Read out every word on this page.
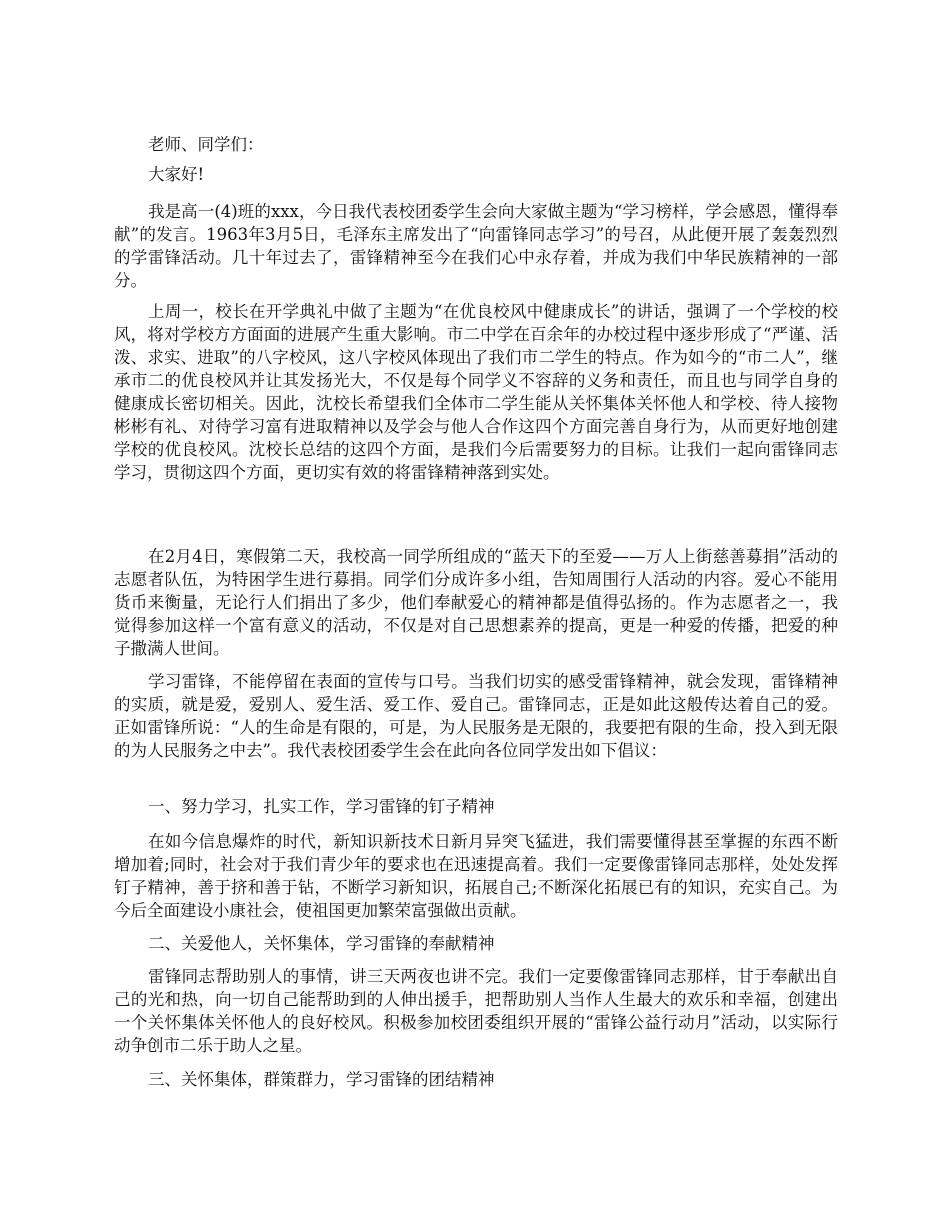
老师、同学们：

大家好!

我是高一(4)班的xxx，今日我代表校团委学生会向大家做主题为“学习榜样，学会感恩，懂得奉献”的发言。1963年3月5日，毛泽东主席发出了“向雷锋同志学习”的号召，从此便开展了轰轰烈烈的学雷锋活动。几十年过去了，雷锋精神至今在我们心中永存着，并成为我们中华民族精神的一部分。

上周一，校长在开学典礼中做了主题为“在优良校风中健康成长”的讲话，强调了一个学校的校风，将对学校方方面面的进展产生重大影响。市二中学在百余年的办校过程中逐步形成了“严谨、活泼、求实、进取”的八字校风，这八字校风体现出了我们市二学生的特点。作为如今的“市二人”，继承市二的优良校风并让其发扬光大，不仅是每个同学义不容辞的义务和责任，而且也与同学自身的健康成长密切相关。因此，沈校长希望我们全体市二学生能从关怀集体关怀他人和学校、待人接物彬彬有礼、对待学习富有进取精神以及学会与他人合作这四个方面完善自身行为，从而更好地创建学校的优良校风。沈校长总结的这四个方面，是我们今后需要努力的目标。让我们一起向雷锋同志学习，贯彻这四个方面，更切实有效的将雷锋精神落到实处。

在2月4日，寒假第二天，我校高一同学所组成的“蓝天下的至爱——万人上街慈善募捐”活动的志愿者队伍，为特困学生进行募捐。同学们分成许多小组，告知周围行人活动的内容。爱心不能用货币来衡量，无论行人们捐出了多少，他们奉献爱心的精神都是值得弘扬的。作为志愿者之一，我觉得参加这样一个富有意义的活动，不仅是对自己思想素养的提高，更是一种爱的传播，把爱的种子撒满人世间。

学习雷锋，不能停留在表面的宣传与口号。当我们切实的感受雷锋精神，就会发现，雷锋精神的实质，就是爱，爱别人、爱生活、爱工作、爱自己。雷锋同志，正是如此这般传达着自己的爱。正如雷锋所说：“人的生命是有限的，可是，为人民服务是无限的，我要把有限的生命，投入到无限的为人民服务之中去”。我代表校团委学生会在此向各位同学发出如下倡议：

一、努力学习，扎实工作，学习雷锋的钉子精神

在如今信息爆炸的时代，新知识新技术日新月异突飞猛进，我们需要懂得甚至掌握的东西不断增加着;同时，社会对于我们青少年的要求也在迅速提高着。我们一定要像雷锋同志那样，处处发挥钉子精神，善于挤和善于钻，不断学习新知识，拓展自己;不断深化拓展已有的知识，充实自己。为今后全面建设小康社会，使祖国更加繁荣富强做出贡献。

二、关爱他人，关怀集体，学习雷锋的奉献精神

雷锋同志帮助别人的事情，讲三天两夜也讲不完。我们一定要像雷锋同志那样，甘于奉献出自己的光和热，向一切自己能帮助到的人伸出援手，把帮助别人当作人生最大的欢乐和幸福，创建出一个关怀集体关怀他人的良好校风。积极参加校团委组织开展的“雷锋公益行动月”活动，以实际行动争创市二乐于助人之星。

三、关怀集体，群策群力，学习雷锋的团结精神
